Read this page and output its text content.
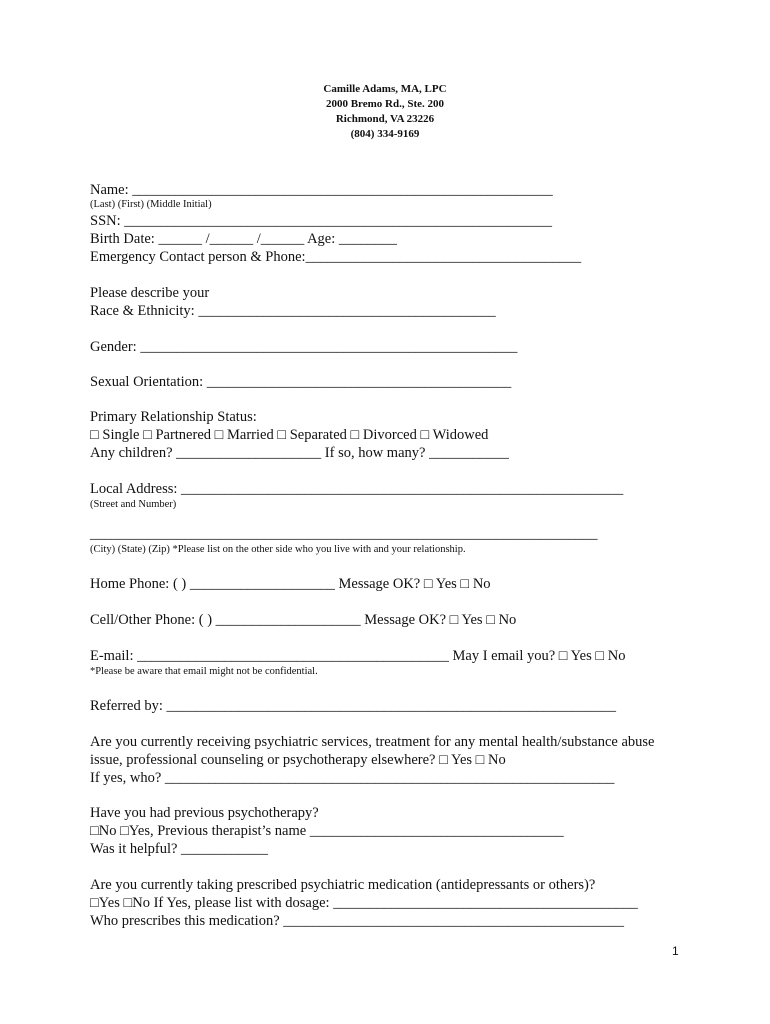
Camille Adams, MA, LPC
2000 Bremo Rd., Ste. 200
Richmond, VA 23226
(804) 334-9169
Name: __________________________________________________________
(Last) (First) (Middle Initial)
SSN: ___________________________________________________________
Birth Date: ______ /______ /______ Age: ________
Emergency Contact person & Phone:______________________________________
Please describe your
Race & Ethnicity: _________________________________________
Gender: ____________________________________________________
Sexual Orientation: __________________________________________
Primary Relationship Status:
□ Single □ Partnered □ Married □ Separated □ Divorced □ Widowed
Any children? ____________________ If so, how many? ___________
Local Address: _____________________________________________________________
(Street and Number)
______________________________________________________________________
(City) (State) (Zip) *Please list on the other side who you live with and your relationship.
Home Phone: ( ) ____________________ Message OK? □ Yes □ No
Cell/Other Phone: ( ) ____________________ Message OK? □ Yes □ No
E-mail: ___________________________________________ May I email you? □ Yes □ No
*Please be aware that email might not be confidential.
Referred by: ______________________________________________________________
Are you currently receiving psychiatric services, treatment for any mental health/substance abuse
issue, professional counseling or psychotherapy elsewhere? □ Yes □ No
If yes, who? ______________________________________________________________
Have you had previous psychotherapy?
□No □Yes, Previous therapist’s name ___________________________________
Was it helpful? ____________
Are you currently taking prescribed psychiatric medication (antidepressants or others)?
□Yes □No If Yes, please list with dosage: __________________________________________
Who prescribes this medication? _______________________________________________
1
